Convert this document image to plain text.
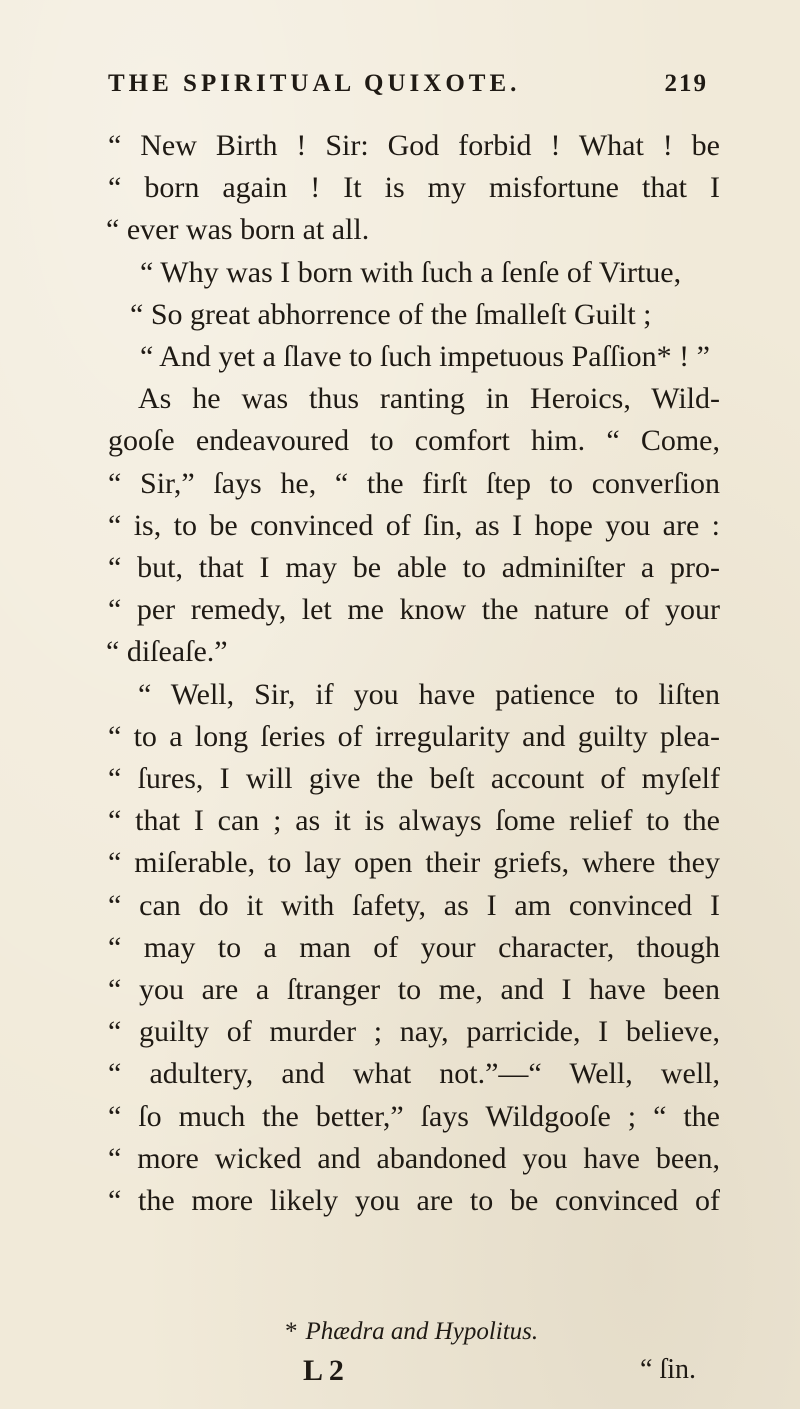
THE SPIRITUAL QUIXOTE.	219
“ New Birth ! Sir: God forbid ! What ! be
“ born again ! It is my misfortune that I
“ ever was born at all.
“ Why was I born with ſuch a ſenſe of Virtue,
“ So great abhorrence of the ſmalleſt Guilt ;
“ And yet a ſlave to ſuch impetuous Paſſion* ! ”
As he was thus ranting in Heroics, Wild-
gooſe endeavoured to comfort him. “ Come,
“ Sir,” ſays he, “ the firſt ſtep to converſion
“ is, to be convinced of ſin, as I hope you are :
“ but, that I may be able to adminiſter a pro-
“ per remedy, let me know the nature of your
“ diſeaſe.”
“ Well, Sir, if you have patience to liſten
“ to a long ſeries of irregularity and guilty plea-
“ ſures, I will give the beſt account of myſelf
“ that I can ; as it is always ſome relief to the
“ miſerable, to lay open their griefs, where they
“ can do it with ſafety, as I am convinced I
“ may to a man of your character, though
“ you are a ſtranger to me, and I have been
“ guilty of murder ; nay, parricide, I believe,
“ adultery, and what not.”—“ Well, well,
“ ſo much the better,” ſays Wildgooſe ; “ the
“ more wicked and abandoned you have been,
“ the more likely you are to be convinced of
* Phædra and Hypolitus.
L 2	“ ſin.
